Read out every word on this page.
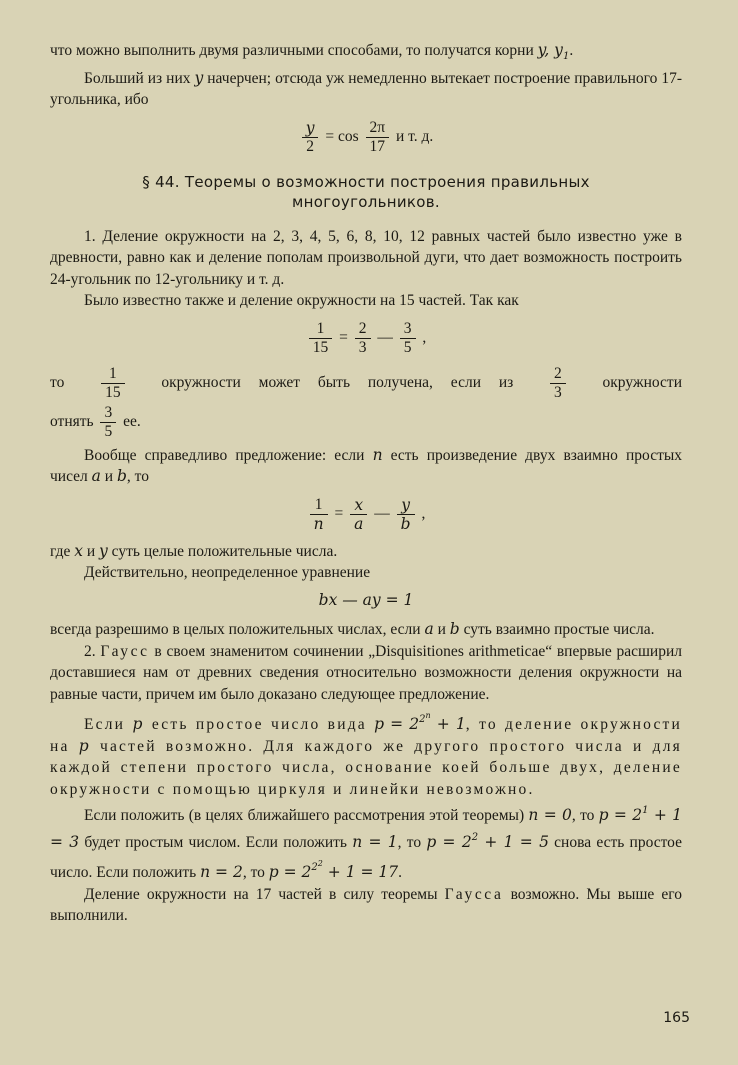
что можно выполнить двумя различными способами, то получатся корни y, $y_1$.

Больший из них y начерчен; отсюда уж немедленно вытекает построение правильного 17-угольника, ибо

$\frac{y}{2} = \cos \frac{2\pi}{17}$ и т. д.
§ 44. Теоремы о возможности построения правильных
многоугольников.

1. Деление окружности на 2, 3, 4, 5, 6, 8, 10, 12 равных частей было известно уже в древности, равно как и деление пополам произвольной дуги, что дает возможность построить 24-угольник по 12-угольнику и т. д.

Было известно также и деление окружности на 15 частей. Так как

$\frac{1}{15} = \frac{2}{3}$ — $\frac{3}{5}$ ,

то $\frac{1}{15}$ окружности может быть получена, если из $\frac{2}{3}$ окружности

отнять $\frac{3}{5}$ ее.

Вообще справедливо предложение: если n есть произведение двух взаимно простых чисел a и b, то

$\frac{1}{n} = \frac{x}{a}$ — $\frac{y}{b}$ ,

где x и y суть целые положительные числа.

Действительно, неопределенное уравнение

bx — ay = 1

всегда разрешимо в целых положительных числах, если a и b суть взаимно простые числа.

2. Гаусс в своем знаменитом сочинении „Disquisitiones arithmeticae“ впервые расширил доставшиеся нам от древних сведения относительно возможности деления окружности на равные части, причем им было доказано следующее предложение.

Если p есть простое число вида $p = 2^{2^n} + 1$, то деление окружности на p частей возможно. Для каждого же другого простого числа и для каждой степени простого числа, основание коей больше двух, деление окружности с помощью циркуля и линейки невозможно.

Если положить (в целях ближайшего рассмотрения этой теоремы) n = 0, то $p = 2^1 + 1 = 3$ будет простым числом. Если положить n = 1, то $p = 2^2 + 1 = 5$ снова есть простое число. Если положить n = 2, то $p = 2^{2^2} + 1 = 17$.

Деление окружности на 17 частей в силу теоремы Гаусса возможно. Мы выше его выполнили.

165
